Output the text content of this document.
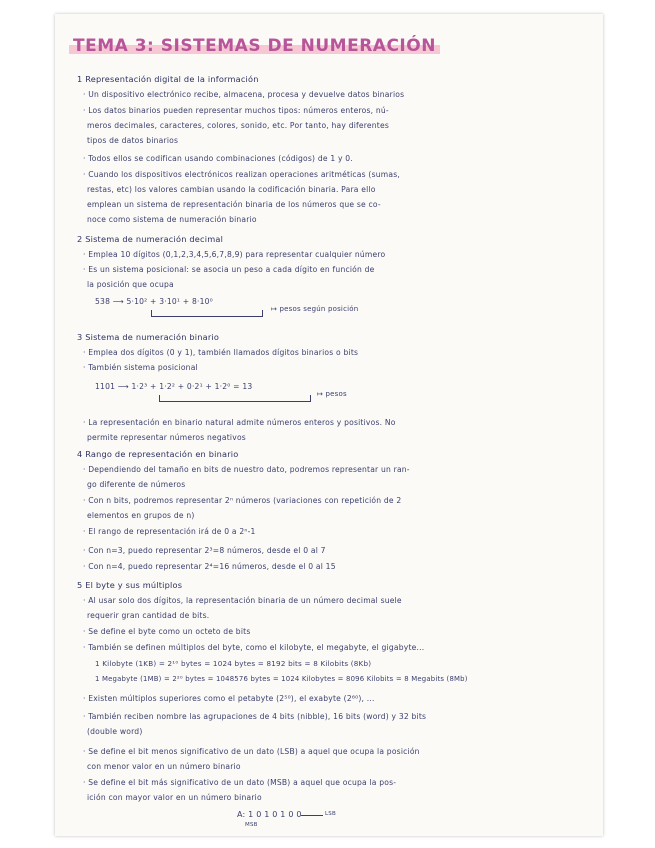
TEMA 3: SISTEMAS DE NUMERACIÓN
1 Representación digital de la información
· Un dispositivo electrónico recibe, almacena, procesa y devuelve datos binarios
· Los datos binarios pueden representar muchos tipos: números enteros, nú-
meros decimales, caracteres, colores, sonido, etc. Por tanto, hay diferentes
tipos de datos binarios
· Todos ellos se codifican usando combinaciones (códigos) de 1 y 0.
· Cuando los dispositivos electrónicos realizan operaciones aritméticas (sumas,
restas, etc) los valores cambian usando la codificación binaria. Para ello
emplean un sistema de representación binaria de los números que se co-
noce como sistema de numeración binario
2 Sistema de numeración decimal
· Emplea 10 dígitos (0,1,2,3,4,5,6,7,8,9) para representar cualquier número
· Es un sistema posicional: se asocia un peso a cada dígito en función de
la posición que ocupa
538 ⟶ 5·10² + 3·10¹ + 8·10⁰
↦ pesos según posición
3 Sistema de numeración binario
· Emplea dos dígitos (0 y 1), también llamados dígitos binarios o bits
· También sistema posicional
1101 ⟶ 1·2³ + 1·2² + 0·2¹ + 1·2⁰ = 13
↦ pesos
· La representación en binario natural admite números enteros y positivos. No
permite representar números negativos
4 Rango de representación en binario
· Dependiendo del tamaño en bits de nuestro dato, podremos representar un ran-
go diferente de números
· Con n bits, podremos representar 2ⁿ números (variaciones con repetición de 2
elementos en grupos de n)
· El rango de representación irá de 0 a 2ⁿ-1
· Con n=3, puedo representar 2³=8 números, desde el 0 al 7
· Con n=4, puedo representar 2⁴=16 números, desde el 0 al 15
5 El byte y sus múltiplos
· Al usar solo dos dígitos, la representación binaria de un número decimal suele
requerir gran cantidad de bits.
· Se define el byte como un octeto de bits
· También se definen múltiplos del byte, como el kilobyte, el megabyte, el gigabyte...
1 Kilobyte (1KB) = 2¹⁰ bytes = 1024 bytes = 8192 bits = 8 Kilobits (8Kb)
1 Megabyte (1MB) = 2²⁰ bytes = 1048576 bytes = 1024 Kilobytes = 8096 Kilobits = 8 Megabits (8Mb)
· Existen múltiplos superiores como el petabyte (2⁵⁰), el exabyte (2⁶⁰), ...
· También reciben nombre las agrupaciones de 4 bits (nibble), 16 bits (word) y 32 bits
(double word)
· Se define el bit menos significativo de un dato (LSB) a aquel que ocupa la posición
con menor valor en un número binario
· Se define el bit más significativo de un dato (MSB) a aquel que ocupa la pos-
ición con mayor valor en un número binario
A: 1 0 1 0 1 0 0
MSB
LSB
